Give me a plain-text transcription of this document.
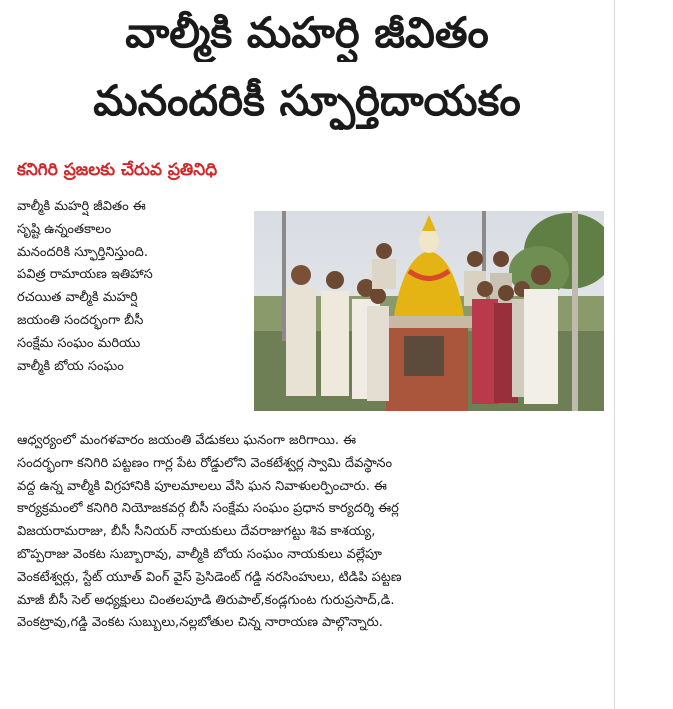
వాల్మీకి మహర్షి జీవితం
మనందరికీ స్ఫూర్తిదాయకం
కనిగిరి ప్రజలకు చేరువ ప్రతినిధి
వాల్మీకి మహర్షి జీవితం ఈ
సృష్టి ఉన్నంతకాలం
మనందరికి స్ఫూర్తినిస్తుంది.
పవిత్ర రామాయణ ఇతిహాస
రచయిత వాల్మీకి మహర్షి
జయంతి సందర్భంగా బీసీ
సంక్షేమ సంఘం మరియు
వాల్మీకి బోయ సంఘం
ఆధ్వర్యంలో మంగళవారం జయంతి వేడుకలు ఘనంగా జరిగాయి. ఈ
సందర్భంగా కనిగిరి పట్టణం గార్ల పేట రోడ్డులోని వెంకటేశ్వర్ల స్వామి దేవస్థానం
వద్ద ఉన్న వాల్మీకి విగ్రహానికి పూలమాలలు వేసి ఘన నివాళులర్పించారు. ఈ
కార్యక్రమంలో కనిగిరి నియోజకవర్గ బీసీ సంక్షేమ సంఘం ప్రధాన కార్యదర్శి ఈర్ల
విజయరామరాజు, బీసీ సీనియర్ నాయకులు దేవరాజుగట్టు శివ కాశయ్య,
బొప్పరాజు వెంకట సుబ్బారావు, వాల్మీకి బోయ సంఘం నాయకులు వల్లేపూ
వెంకటేశ్వర్లు, స్టేట్ యూత్ వింగ్ వైస్ ప్రెసిడెంట్ గడ్డి నరసింహులు, టిడిపి పట్టణ
మాజీ బీసీ సెల్ అధ్యక్షులు చింతలపూడి తిరుపాల్,కండ్లగుంట గురుప్రసాద్,డి.
వెంకట్రావు,గడ్డి వెంకట సుబ్బులు,నల్లబోతుల చిన్న నారాయణ పాల్గొన్నారు.
